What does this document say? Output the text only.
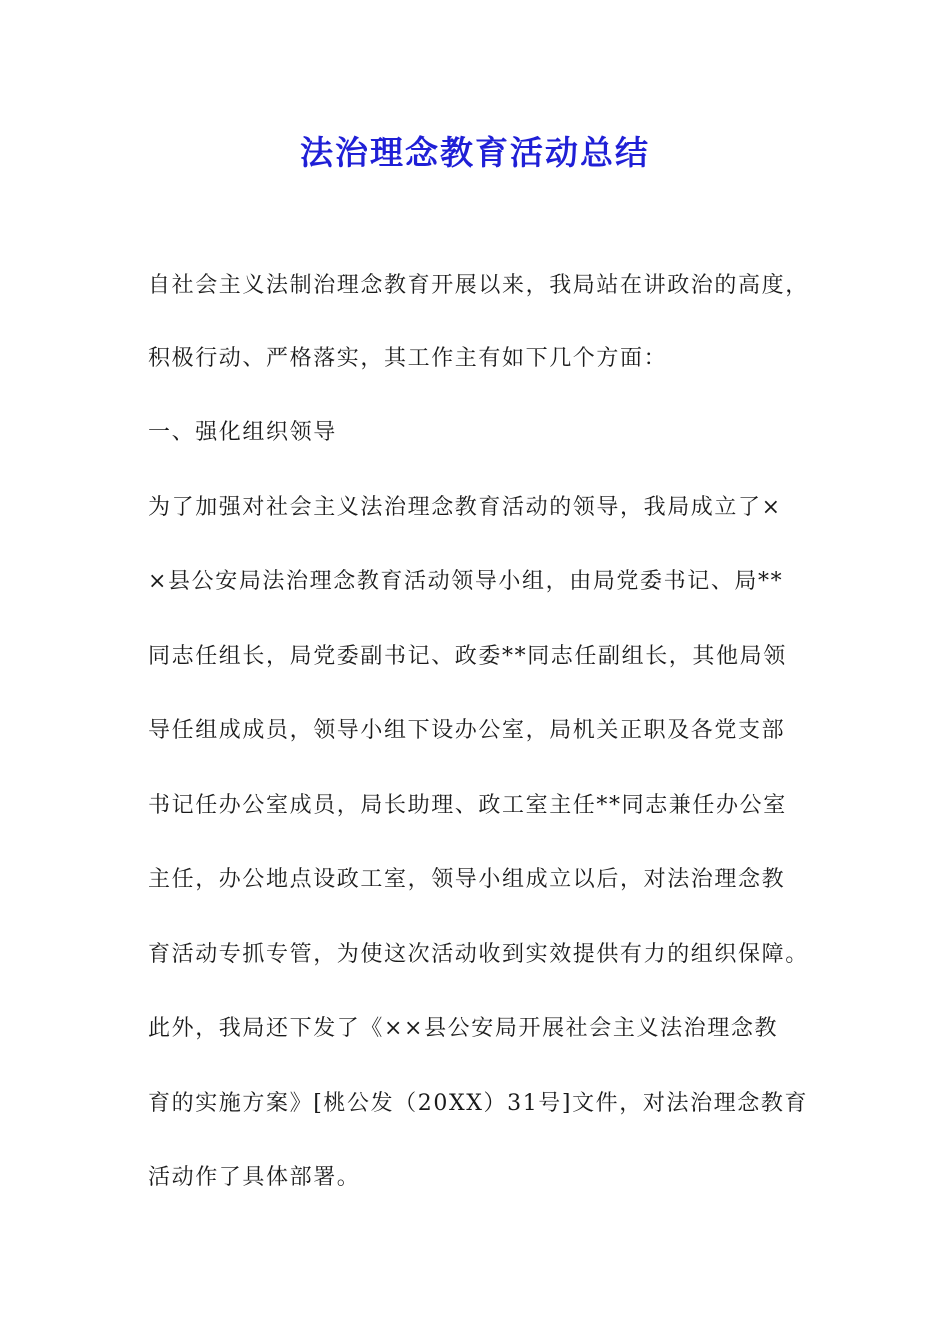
法治理念教育活动总结

自社会主义法制治理念教育开展以来，我局站在讲政治的高度，

积极行动、严格落实，其工作主有如下几个方面：

一、强化组织领导

为了加强对社会主义法治理念教育活动的领导，我局成立了×

×县公安局法治理念教育活动领导小组，由局党委书记、局**

同志任组长，局党委副书记、政委**同志任副组长，其他局领

导任组成成员，领导小组下设办公室，局机关正职及各党支部

书记任办公室成员，局长助理、政工室主任**同志兼任办公室

主任，办公地点设政工室，领导小组成立以后，对法治理念教

育活动专抓专管，为使这次活动收到实效提供有力的组织保障。

此外，我局还下发了《××县公安局开展社会主义法治理念教

育的实施方案》[桃公发（20XX）31号]文件，对法治理念教育

活动作了具体部署。
